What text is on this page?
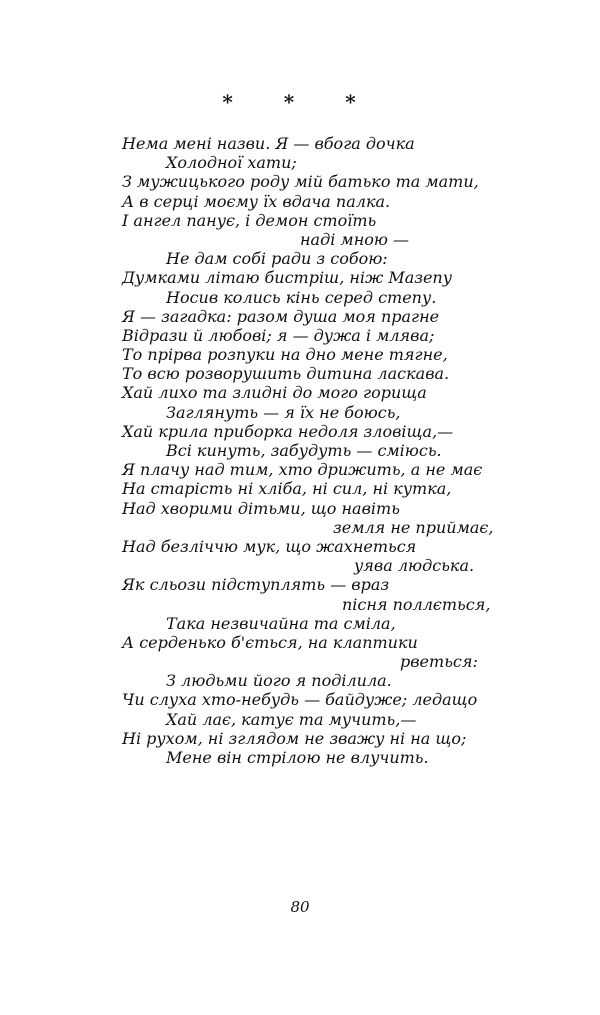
* * *
Нема мені назви. Я — вбога дочка
Холодної хати;
З мужицького роду мій батько та мати,
А в серці моєму їх вдача палка.
І ангел панує, і демон стоїть
наді мною —
Не дам собі ради з собою:
Думками літаю бистріш, ніж Мазепу
Носив колись кінь серед степу.
Я — загадка: разом душа моя прагне
Відрази й любові; я — дужа і млява;
То прірва розпуки на дно мене тягне,
То всю розворушить дитина ласкава.
Хай лихо та злидні до мого горища
Заглянуть — я їх не боюсь,
Хай крила приборка недоля зловіща,—
Всі кинуть, забудуть — сміюсь.
Я плачу над тим, хто дрижить, а не має
На старість ні хліба, ні сил, ні кутка,
Над хворими дітьми, що навіть
земля не приймає,
Над безліччю мук, що жахнеться
уява людська.
Як сльози підступлять — враз
пісня поллється,
Така незвичайна та сміла,
А серденько б'ється, на клаптики
рветься:
З людьми його я поділила.
Чи слуха хто-небудь — байдуже; ледащо
Хай лає, катує та мучить,—
Ні рухом, ні зглядом не зважу ні на що;
Мене він стрілою не влучить.
80
